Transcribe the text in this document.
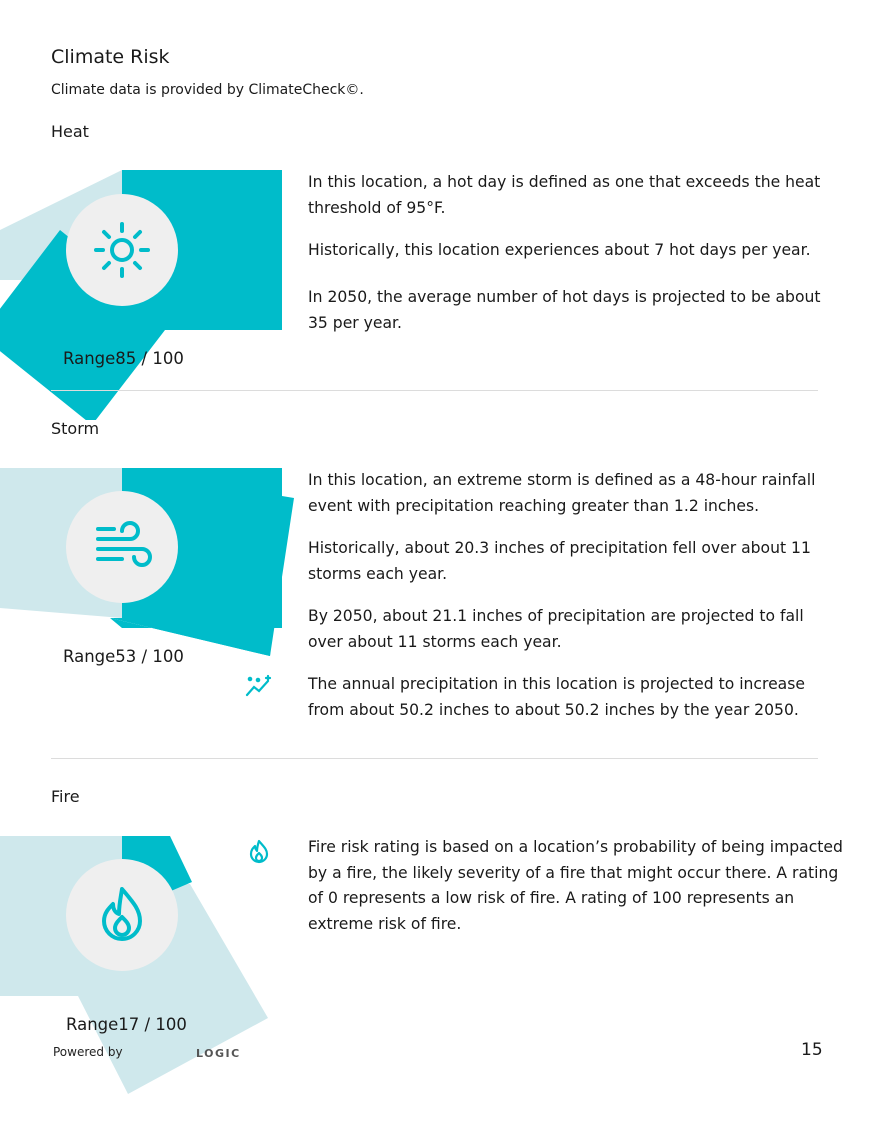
Climate Risk
Climate data is provided by ClimateCheck©.
Heat
Range85 / 100
In this location, a hot day is defined as one that exceeds the heat threshold of 95°F.
Historically, this location experiences about 7 hot days per year.
In 2050, the average number of hot days is projected to be about 35 per year.
Storm
Range53 / 100
In this location, an extreme storm is defined as a 48-hour rainfall event with precipitation reaching greater than 1.2 inches.
Historically, about 20.3 inches of precipitation fell over about 11 storms each year.
By 2050, about 21.1 inches of precipitation are projected to fall over about 11 storms each year.
The annual precipitation in this location is projected to increase from about 50.2 inches to about 50.2 inches by the year 2050.
Fire
Range17 / 100
Fire risk rating is based on a location’s probability of being impacted by a fire, the likely severity of a fire that might occur there. A rating of 0 represents a low risk of fire. A rating of 100 represents an extreme risk of fire.
Powered by	LOGIC	15
